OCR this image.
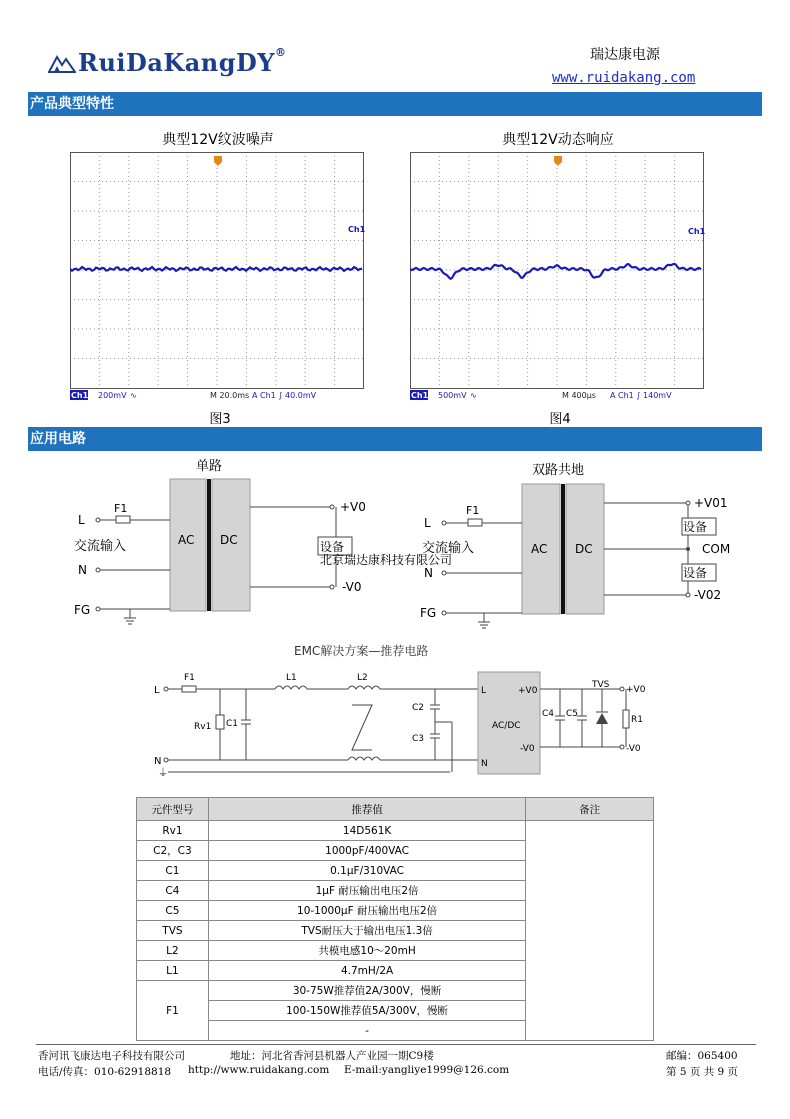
RuiDaKangDY®	瑞达康电源
www.ruidakang.com
产品典型特性
典型12V纹波噪声
Ch1
Ch1 200mV ∿	M 20.0ms A Ch1 ∫ 40.0mV
图3
典型12V动态响应
Ch1
Ch1 500mV ∿	M 400μs A Ch1 ∫ 140mV
图4
应用电路
单路
AC DC
F1
L
交流输入
N
FG
+V0
-V0
设备
双路共地
AC DC
F1
L
交流输入
N
FG
+V01
COM
-V02
设备
设备
北京瑞达康科技有限公司
EMC解决方案—推荐电路
L
F1	L1	L2
N
⏚
Rv1 C1
C2
C3
L
N
+V0
-V0
AC/DC
+V0
-V0
C4 C5
TVS
R1
元件型号	推荐值	备注
Rv1	14D561K	
C2，C3	1000pF/400VAC	
C1	0.1μF/310VAC	
C4	1μF 耐压输出电压2倍	
C5	10-1000μF 耐压输出电压2倍	
TVS	TVS耐压大于输出电压1.3倍	
L2	共模电感10～20mH	
L1	4.7mH/2A	
F1	30-75W推荐值2A/300V，慢断	
	100-150W推荐值5A/300V，慢断	
	-	
香河讯飞康达电子科技有限公司	地址：河北省香河县机器人产业园一期C9楼	邮编：065400
电话/传真：010-62918818 http://www.ruidakang.com E-mail:yangliye1999@126.com	第 5 页 共 9 页
